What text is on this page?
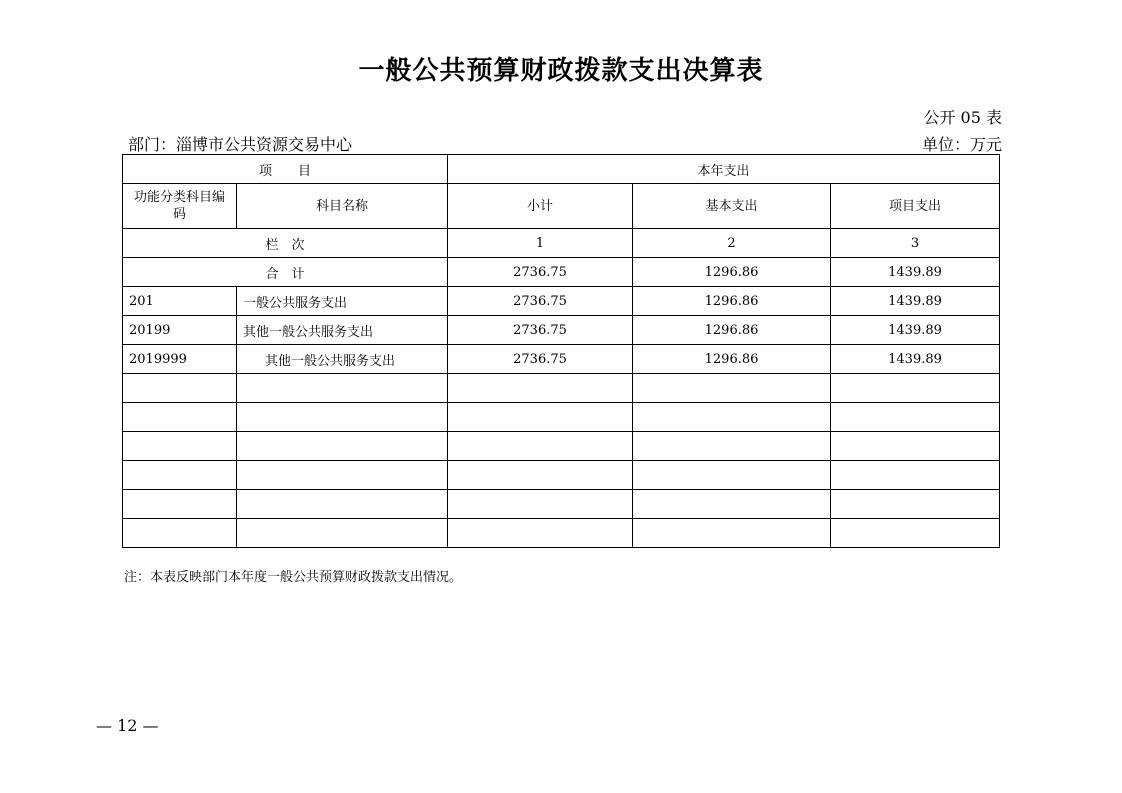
一般公共预算财政拨款支出决算表
公开 05 表
部门：淄博市公共资源交易中心	单位：万元
项　　目		本年支出		
功能分类科目编码	科目名称	小计	基本支出	项目支出
栏　次		1	2	3
合　计		2736.75	1296.86	1439.89
201	一般公共服务支出	2736.75	1296.86	1439.89
20199	其他一般公共服务支出	2736.75	1296.86	1439.89
2019999	其他一般公共服务支出	2736.75	1296.86	1439.89

注：本表反映部门本年度一般公共预算财政拨款支出情况。
— 12 —
